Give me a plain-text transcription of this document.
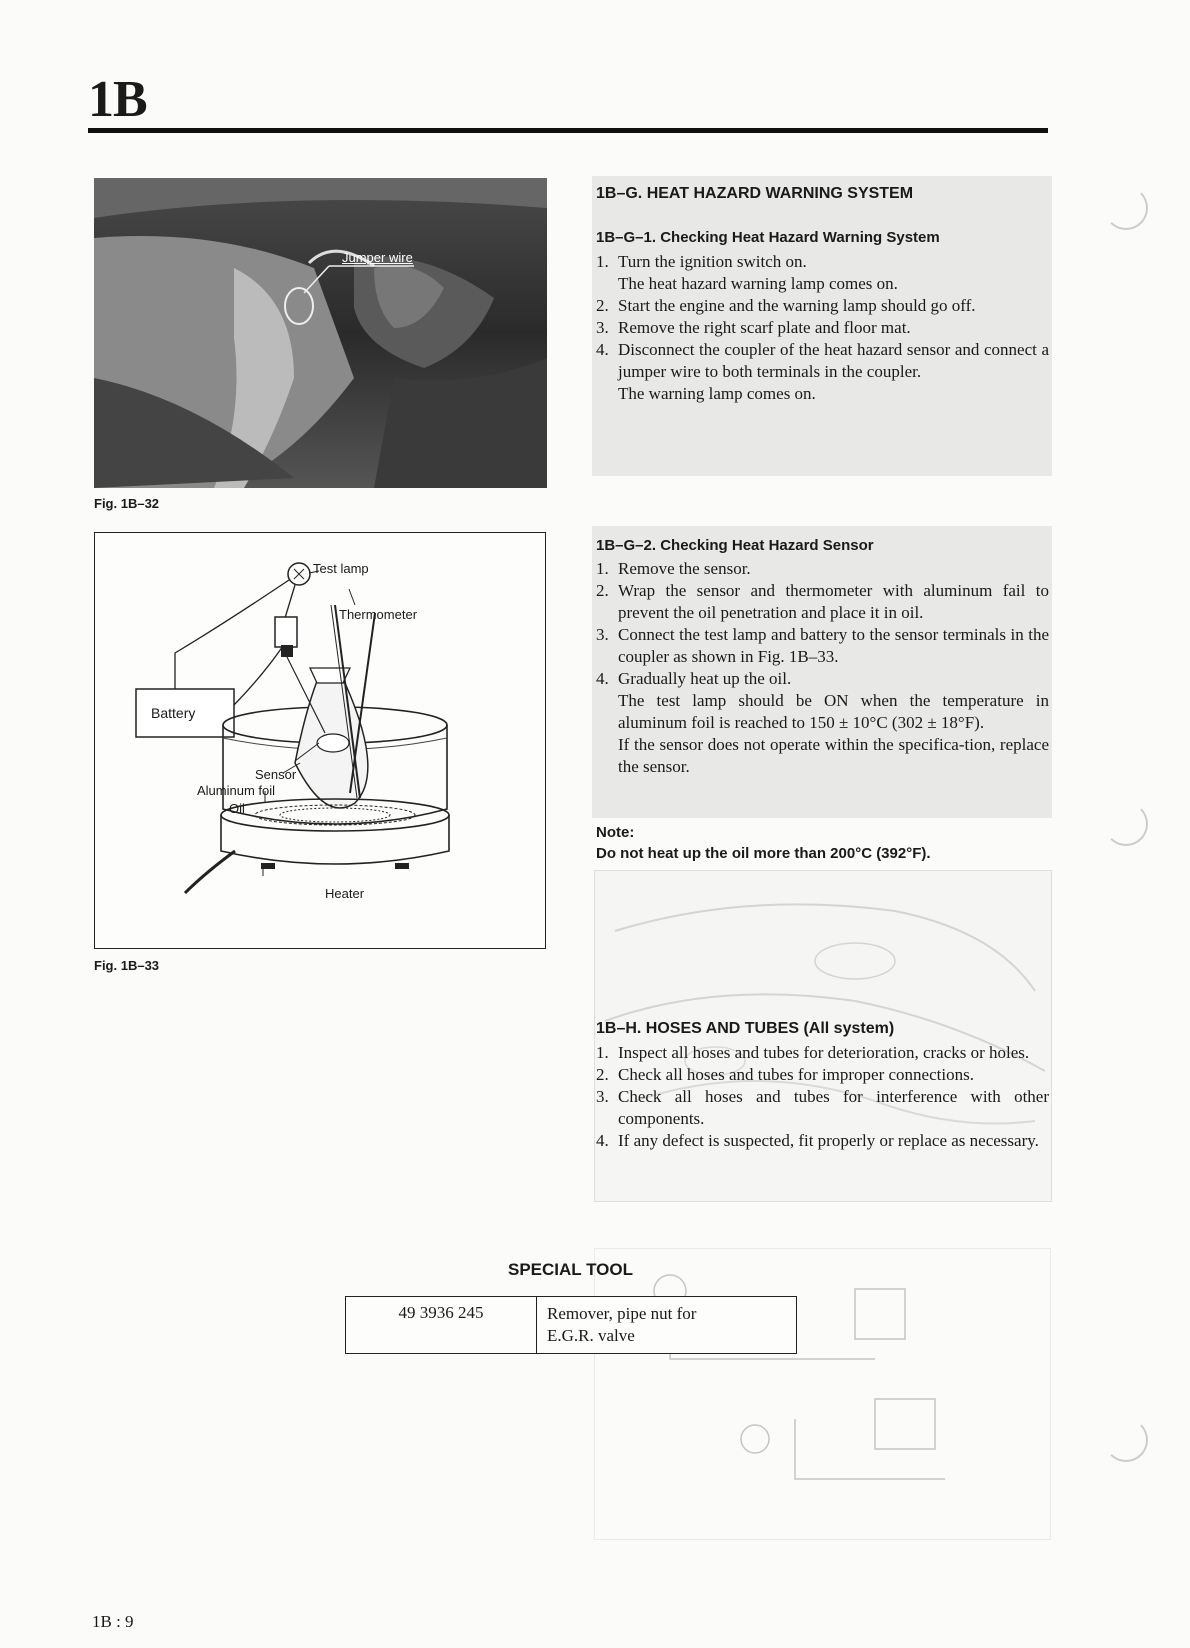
1B
Jumper wire
Fig. 1B–32
Test lamp
Thermometer
Battery
Sensor
Aluminum foil
Oil
Heater
Fig. 1B–33
1B–G. HEAT HAZARD WARNING SYSTEM
1B–G–1. Checking Heat Hazard Warning System
1. Turn the ignition switch on.
The heat hazard warning lamp comes on.
2. Start the engine and the warning lamp should go off.
3. Remove the right scarf plate and floor mat.
4. Disconnect the coupler of the heat hazard sensor and connect a jumper wire to both terminals in the coupler.
The warning lamp comes on.
1B–G–2. Checking Heat Hazard Sensor
1. Remove the sensor.
2. Wrap the sensor and thermometer with aluminum fail to prevent the oil penetration and place it in oil.
3. Connect the test lamp and battery to the sensor terminals in the coupler as shown in Fig. 1B–33.
4. Gradually heat up the oil.
The test lamp should be ON when the temperature in aluminum foil is reached to 150 ± 10°C (302 ± 18°F).
If the sensor does not operate within the specifica-tion, replace the sensor.
Note:
Do not heat up the oil more than 200°C (392°F).
1B–H. HOSES AND TUBES (All system)
1. Inspect all hoses and tubes for deterioration, cracks or holes.
2. Check all hoses and tubes for improper connections.
3. Check all hoses and tubes for interference with other components.
4. If any defect is suspected, fit properly or replace as necessary.
SPECIAL TOOL
49 3936 245	Remover, pipe nut for
E.G.R. valve
1B : 9
